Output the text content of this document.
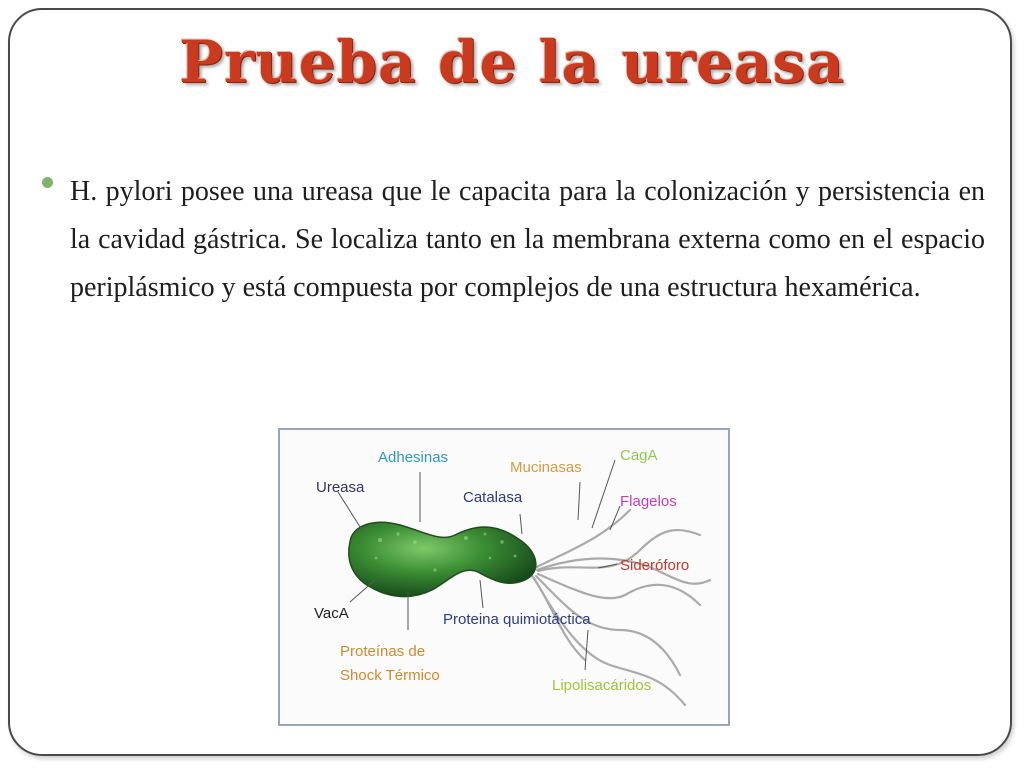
Prueba de la ureasa
H. pylori posee una ureasa que le capacita para la colonización y persistencia en la cavidad gástrica. Se localiza tanto en la membrana externa como en el espacio periplásmico y está compuesta por complejos de una estructura hexamérica.
Adhesinas
Mucinasas
CagA
Ureasa
Catalasa	Flagelos
Sideróforo
VacA	Proteina quimiotáctica
Proteínas de
Shock Térmico
Lipolisacáridos
